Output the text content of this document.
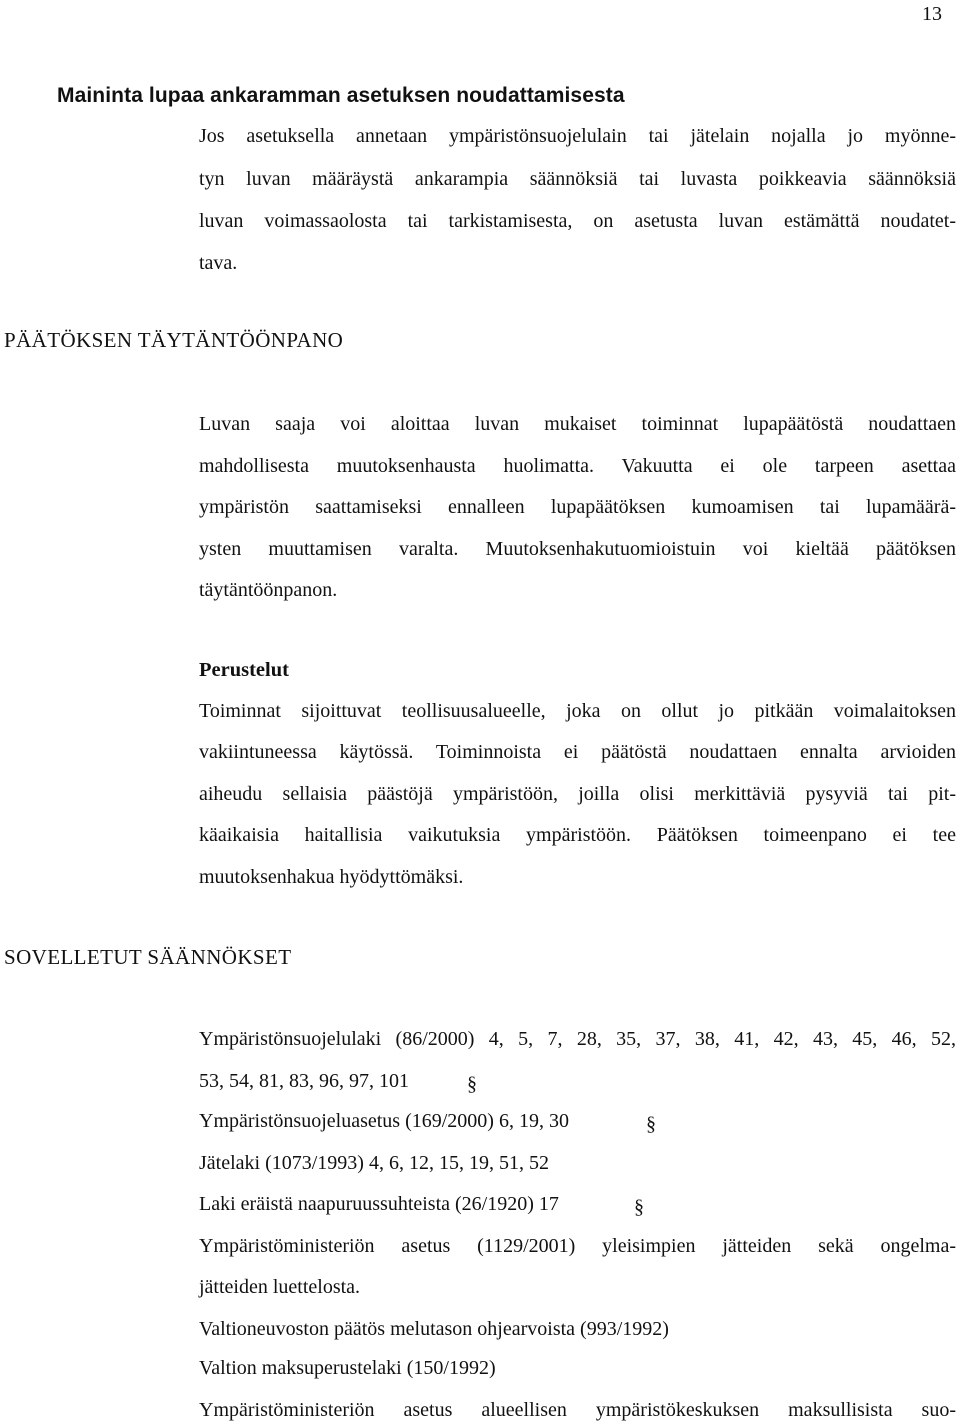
13
Maininta lupaa ankaramman asetuksen noudattamisesta
Jos asetuksella annetaan ympäristönsuojelulain tai jätelain nojalla jo myönne-
tyn luvan määräystä ankarampia säännöksiä tai luvasta poikkeavia säännöksiä
luvan voimassaolosta tai tarkistamisesta, on asetusta luvan estämättä noudatet-
tava.
PÄÄTÖKSEN TÄYTÄNTÖÖNPANO
Luvan saaja voi aloittaa luvan mukaiset toiminnat lupapäätöstä noudattaen
mahdollisesta muutoksenhausta huolimatta. Vakuutta ei ole tarpeen asettaa
ympäristön saattamiseksi ennalleen lupapäätöksen kumoamisen tai lupamäärä-
ysten muuttamisen varalta. Muutoksenhakutuomioistuin voi kieltää päätöksen
täytäntöönpanon.
Perustelut
Toiminnat sijoittuvat teollisuusalueelle, joka on ollut jo pitkään voimalaitoksen
vakiintuneessa käytössä. Toiminnoista ei päätöstä noudattaen ennalta arvioiden
aiheudu sellaisia päästöjä ympäristöön, joilla olisi merkittäviä pysyviä tai pit-
käaikaisia haitallisia vaikutuksia ympäristöön. Päätöksen toimeenpano ei tee
muutoksenhakua hyödyttömäksi.
SOVELLETUT SÄÄNNÖKSET
Ympäristönsuojelulaki (86/2000) 4, 5, 7, 28, 35, 37, 38, 41, 42, 43, 45, 46, 52,
53, 54, 81, 83, 96, 97, 101	§
Ympäristönsuojeluasetus (169/2000) 6, 19, 30	§
Jätelaki (1073/1993) 4, 6, 12, 15, 19, 51, 52
Laki eräistä naapuruussuhteista (26/1920) 17	§
Ympäristöministeriön asetus (1129/2001) yleisimpien jätteiden sekä ongelma-
jätteiden luettelosta.
Valtioneuvoston päätös melutason ohjearvoista (993/1992)
Valtion maksuperustelaki (150/1992)
Ympäristöministeriön asetus alueellisen ympäristökeskuksen maksullisista suo-
